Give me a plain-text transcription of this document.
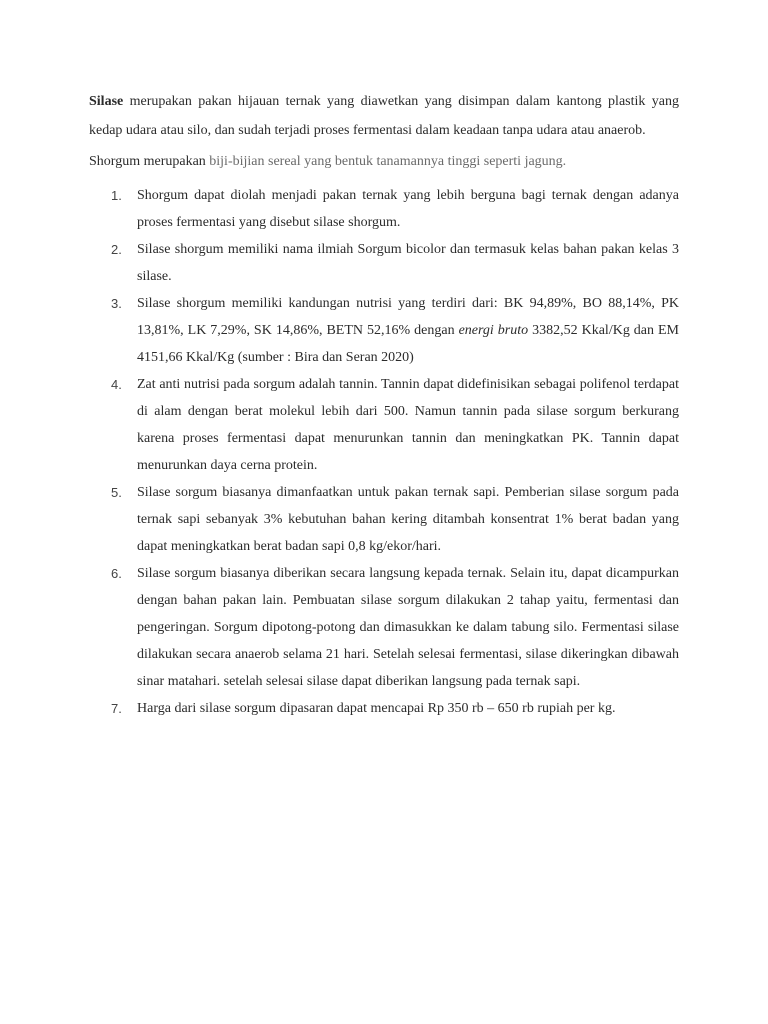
Silase merupakan pakan hijauan ternak yang diawetkan yang disimpan dalam kantong plastik yang kedap udara atau silo, dan sudah terjadi proses fermentasi dalam keadaan tanpa udara atau anaerob.

Shorgum merupakan biji-bijian sereal yang bentuk tanamannya tinggi seperti jagung.

1. Shorgum dapat diolah menjadi pakan ternak yang lebih berguna bagi ternak dengan adanya proses fermentasi yang disebut silase shorgum.
2. Silase shorgum memiliki nama ilmiah Sorgum bicolor dan termasuk kelas bahan pakan kelas 3 silase.
3. Silase shorgum memiliki kandungan nutrisi yang terdiri dari: BK 94,89%, BO 88,14%, PK 13,81%, LK 7,29%, SK 14,86%, BETN 52,16% dengan energi bruto 3382,52 Kkal/Kg dan EM 4151,66 Kkal/Kg (sumber : Bira dan Seran 2020)
4. Zat anti nutrisi pada sorgum adalah tannin. Tannin dapat didefinisikan sebagai polifenol terdapat di alam dengan berat molekul lebih dari 500. Namun tannin pada silase sorgum berkurang karena proses fermentasi dapat menurunkan tannin dan meningkatkan PK. Tannin dapat menurunkan daya cerna protein.
5. Silase sorgum biasanya dimanfaatkan untuk pakan ternak sapi. Pemberian silase sorgum pada ternak sapi sebanyak 3% kebutuhan bahan kering ditambah konsentrat 1% berat badan yang dapat meningkatkan berat badan sapi 0,8 kg/ekor/hari.
6. Silase sorgum biasanya diberikan secara langsung kepada ternak. Selain itu, dapat dicampurkan dengan bahan pakan lain. Pembuatan silase sorgum dilakukan 2 tahap yaitu, fermentasi dan pengeringan. Sorgum dipotong-potong dan dimasukkan ke dalam tabung silo. Fermentasi silase dilakukan secara anaerob selama 21 hari. Setelah selesai fermentasi, silase dikeringkan dibawah sinar matahari. setelah selesai silase dapat diberikan langsung pada ternak sapi.
7. Harga dari silase sorgum dipasaran dapat mencapai Rp 350 rb – 650 rb rupiah per kg.
